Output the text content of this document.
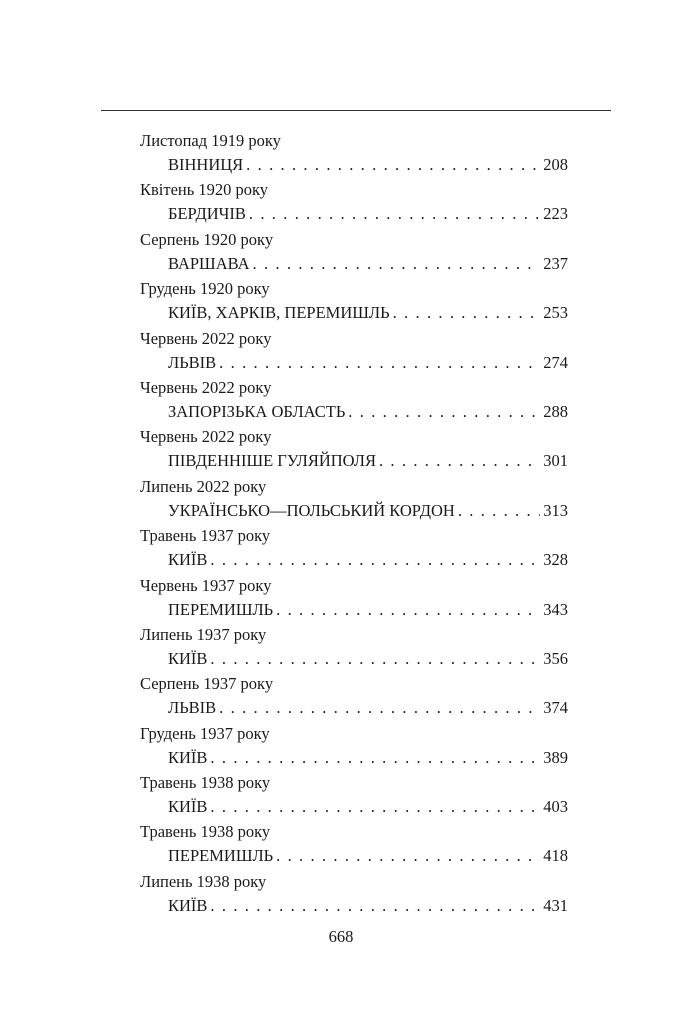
Листопад 1919 року
ВІННИЦЯ . . .	208
Квітень 1920 року
БЕРДИЧІВ . . .	223
Серпень 1920 року
ВАРШАВА . . .	237
Грудень 1920 року
КИЇВ, ХАРКІВ, ПЕРЕМИШЛЬ . . .	253
Червень 2022 року
ЛЬВІВ . . .	274
Червень 2022 року
ЗАПОРІЗЬКА ОБЛАСТЬ . . .	288
Червень 2022 року
ПІВДЕННІШЕ ГУЛЯЙПОЛЯ . . .	301
Липень 2022 року
УКРАЇНСЬКО—ПОЛЬСЬКИЙ КОРДОН . . .	313
Травень 1937 року
КИЇВ . . .	328
Червень 1937 року
ПЕРЕМИШЛЬ . . .	343
Липень 1937 року
КИЇВ . . .	356
Серпень 1937 року
ЛЬВІВ . . .	374
Грудень 1937 року
КИЇВ . . .	389
Травень 1938 року
КИЇВ . . .	403
Травень 1938 року
ПЕРЕМИШЛЬ . . .	418
Липень 1938 року
КИЇВ . . .	431
668
